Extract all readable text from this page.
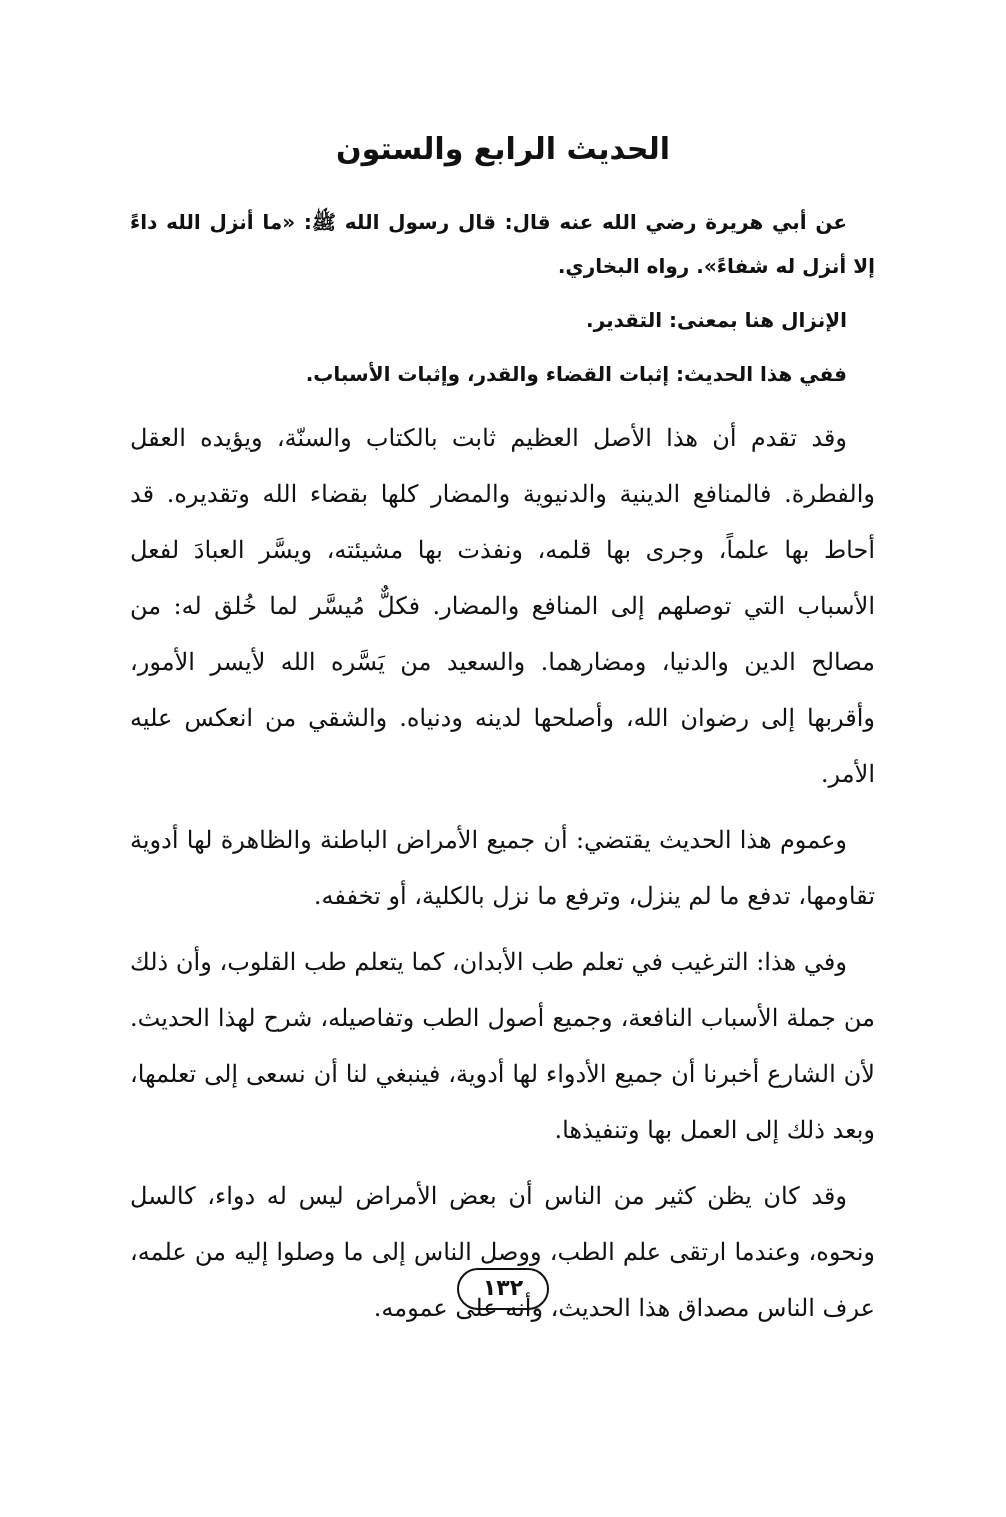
الحديث الرابع والستون

عن أبي هريرة رضي الله عنه قال: قال رسول الله ﷺ: «ما أنزل الله داءً إلا أنزل له شفاءً». رواه البخاري.

الإنزال هنا بمعنى: التقدير.

ففي هذا الحديث: إثبات القضاء والقدر، وإثبات الأسباب.

وقد تقدم أن هذا الأصل العظيم ثابت بالكتاب والسنّة، ويؤيده العقل والفطرة. فالمنافع الدينية والدنيوية والمضار كلها بقضاء الله وتقديره. قد أحاط بها علماً، وجرى بها قلمه، ونفذت بها مشيئته، ويسَّر العبادَ لفعل الأسباب التي توصلهم إلى المنافع والمضار. فكلٌّ مُيسَّر لما خُلق له: من مصالح الدين والدنيا، ومضارهما. والسعيد من يَسَّره الله لأيسر الأمور، وأقربها إلى رضوان الله، وأصلحها لدينه ودنياه. والشقي من انعكس عليه الأمر.

وعموم هذا الحديث يقتضي: أن جميع الأمراض الباطنة والظاهرة لها أدوية تقاومها، تدفع ما لم ينزل، وترفع ما نزل بالكلية، أو تخففه.

وفي هذا: الترغيب في تعلم طب الأبدان، كما يتعلم طب القلوب، وأن ذلك من جملة الأسباب النافعة، وجميع أصول الطب وتفاصيله، شرح لهذا الحديث. لأن الشارع أخبرنا أن جميع الأدواء لها أدوية، فينبغي لنا أن نسعى إلى تعلمها، وبعد ذلك إلى العمل بها وتنفيذها.

وقد كان يظن كثير من الناس أن بعض الأمراض ليس له دواء، كالسل ونحوه، وعندما ارتقى علم الطب، ووصل الناس إلى ما وصلوا إليه من علمه، عرف الناس مصداق هذا الحديث، وأنه على عمومه.

١٣٢
